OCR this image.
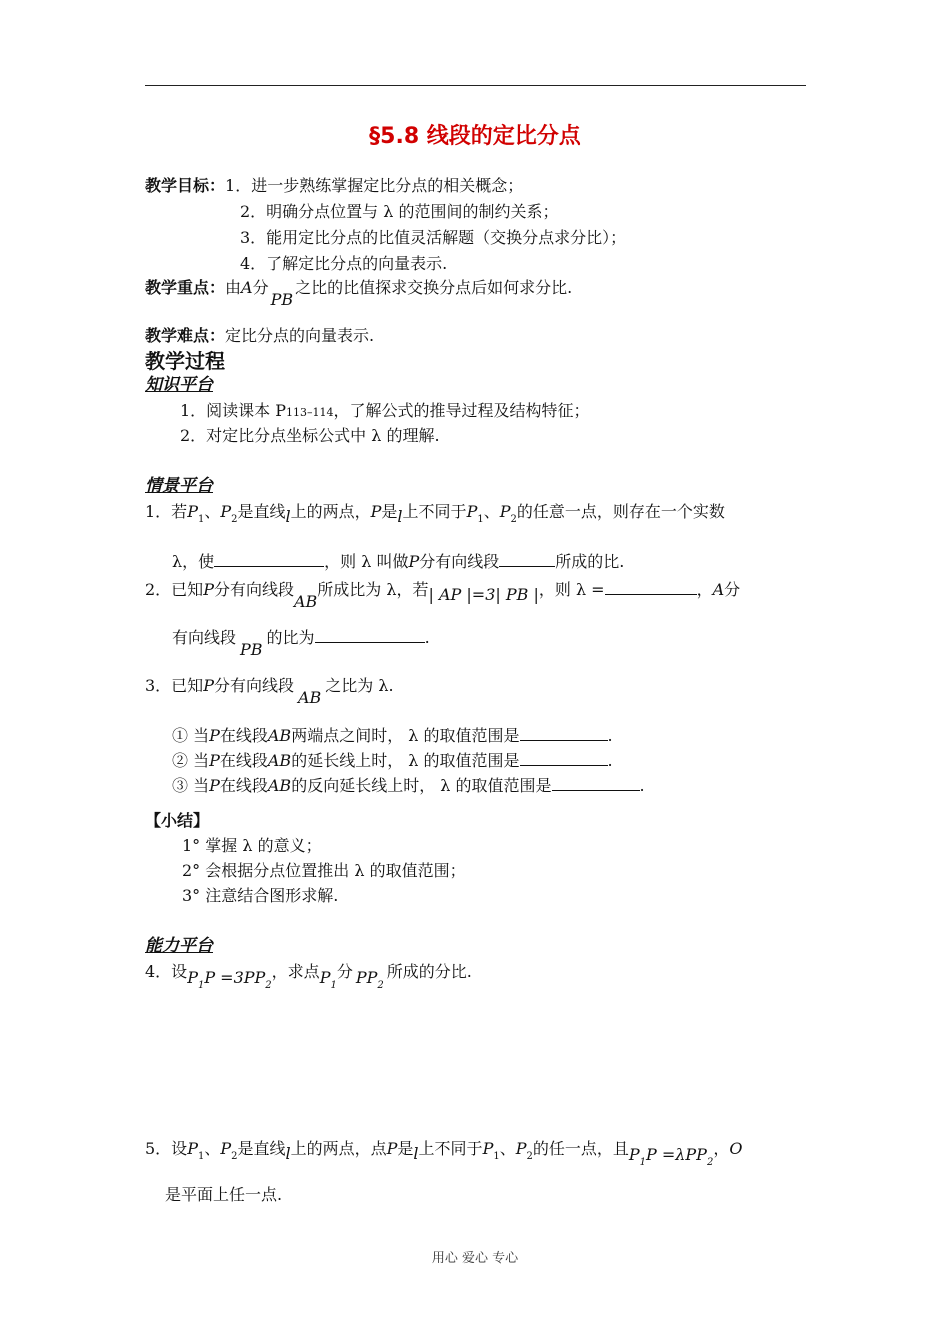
§5.8 线段的定比分点
教学目标：1．进一步熟练掌握定比分点的相关概念；
2．明确分点位置与 λ 的范围间的制约关系；
3．能用定比分点的比值灵活解题（交换分点求分比）；
4．了解定比分点的向量表示.
教学重点：由A分PB之比的比值探求交换分点后如何求分比.
教学难点：定比分点的向量表示.
教学过程
知识平台
1．阅读课本 P113–114，了解公式的推导过程及结构特征；
2．对定比分点坐标公式中 λ 的理解.
情景平台
1．若$P_1$、$P_2$是直线l上的两点，P是l上不同于$P_1$、$P_2$的任意一点，则存在一个实数
λ，使	，则 λ 叫做P分有向线段	所成的比.
2．已知P分有向线段AB所成比为 λ，若| AP |=3| PB |，则 λ =	，A分
有向线段PB的比为	.
3．已知P分有向线段AB之比为 λ.
① 当P在线段AB两端点之间时， λ 的取值范围是	.
② 当P在线段AB的延长线上时， λ 的取值范围是	.
③ 当P在线段AB的反向延长线上时， λ 的取值范围是	.
【小结】
1° 掌握 λ 的意义；
2° 会根据分点位置推出 λ 的取值范围；
3° 注意结合图形求解.
能力平台
4．设$P_1P =3PP_2$，求点$P_1$分 $PP_2$所成的分比.
5．设$P_1$、$P_2$是直线l上的两点，点P是l上不同于$P_1$、$P_2$的任一点，且$P_1P =\lambda PP_2$，O
是平面上任一点.
用心 爱心 专心
